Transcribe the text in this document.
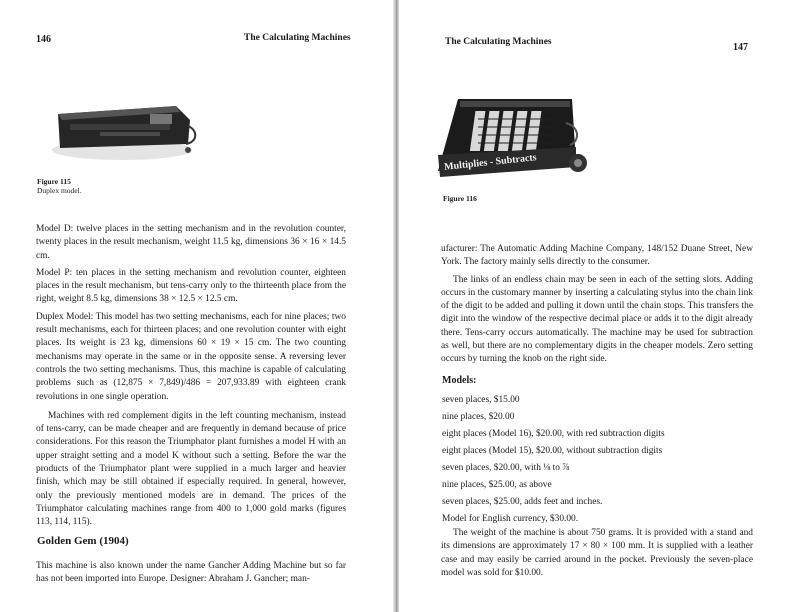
146	The Calculating Machines
Figure 115
Duplex model.

Model D: twelve places in the setting mechanism and in the revolution counter, twenty places in the result mechanism, weight 11.5 kg, dimensions 36 × 16 × 14.5 cm.

Model P: ten places in the setting mechanism and revolution counter, eighteen places in the result mechanism, but tens-carry only to the thirteenth place from the right, weight 8.5 kg, dimensions 38 × 12.5 × 12.5 cm.

Duplex Model: This model has two setting mechanisms, each for nine places; two result mechanisms, each for thirteen places; and one revolution counter with eight places. Its weight is 23 kg, dimensions 60 × 19 × 15 cm. The two counting mechanisms may operate in the same or in the opposite sense. A reversing lever controls the two setting mechanisms. Thus, this machine is capable of calculating problems such as (12,875 × 7,849)/486 = 207,933.89 with eighteen crank revolutions in one single operation.

Machines with red complement digits in the left counting mechanism, instead of tens-carry, can be made cheaper and are frequently in demand because of price considerations. For this reason the Triumphator plant furnishes a model H with an upper straight setting and a model K without such a setting. Before the war the products of the Triumphator plant were supplied in a much larger and heavier finish, which may be still obtained if especially required. In general, however, only the previously mentioned models are in demand. The prices of the Triumphator calculating machines range from 400 to 1,000 gold marks (figures 113, 114, 115).

Golden Gem (1904)
This machine is also known under the name Gancher Adding Machine but so far has not been imported into Europe. Designer: Abraham J. Gancher; man-
The Calculating Machines	147
Multiplies - Subtracts
Figure 116

ufacturer: The Automatic Adding Machine Company, 148/152 Duane Street, New York. The factory mainly sells directly to the consumer.

The links of an endless chain may be seen in each of the setting slots. Adding occurs in the customary manner by inserting a calculating stylus into the chain link of the digit to be added and pulling it down until the chain stops. This transfers the digit into the window of the respective decimal place or adds it to the digit already there. Tens-carry occurs automatically. The machine may be used for subtraction as well, but there are no complementary digits in the cheaper models. Zero setting occurs by turning the knob on the right side.

Models:
seven places, $15.00
nine places, $20.00
eight places (Model 16), $20.00, with red subtraction digits
eight places (Model 15), $20.00, without subtraction digits
seven places, $20.00, with ⅛ to ⅞
nine places, $25.00, as above
seven places, $25.00, adds feet and inches.
Model for English currency, $30.00.
The weight of the machine is about 750 grams. It is provided with a stand and its dimensions are approximately 17 × 80 × 100 mm. It is supplied with a leather case and may easily be carried around in the pocket. Previously the seven-place model was sold for $10.00.
